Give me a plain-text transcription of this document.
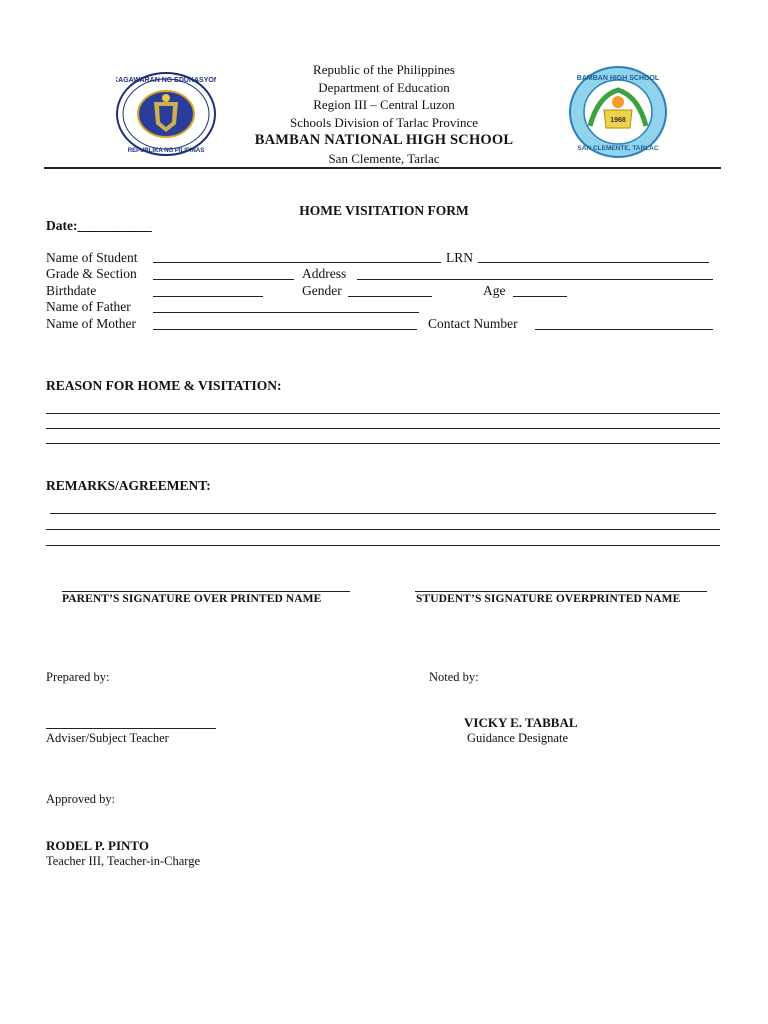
KAGAWARAN NG EDUKASYON
REPUBLIKA NG PILIPINAS
1968
BAMBAN HIGH SCHOOL
SAN CLEMENTE, TARLAC
Republic of the Philippines
Department of Education
Region III – Central Luzon
Schools Division of Tarlac Province
BAMBAN NATIONAL HIGH SCHOOL
San Clemente, Tarlac
HOME VISITATION FORM
Date:___________
Name of Student	LRN
Grade & Section	Address
Birthdate	Gender	Age
Name of Father
Name of Mother	Contact Number
REASON FOR HOME & VISITATION:
REMARKS/AGREEMENT:
PARENT’S SIGNATURE OVER PRINTED NAME	STUDENT’S SIGNATURE OVERPRINTED NAME
Prepared by:	Noted by:
Adviser/Subject Teacher
VICKY E. TABBAL
Guidance Designate
Approved by:
RODEL P. PINTO
Teacher III, Teacher-in-Charge
